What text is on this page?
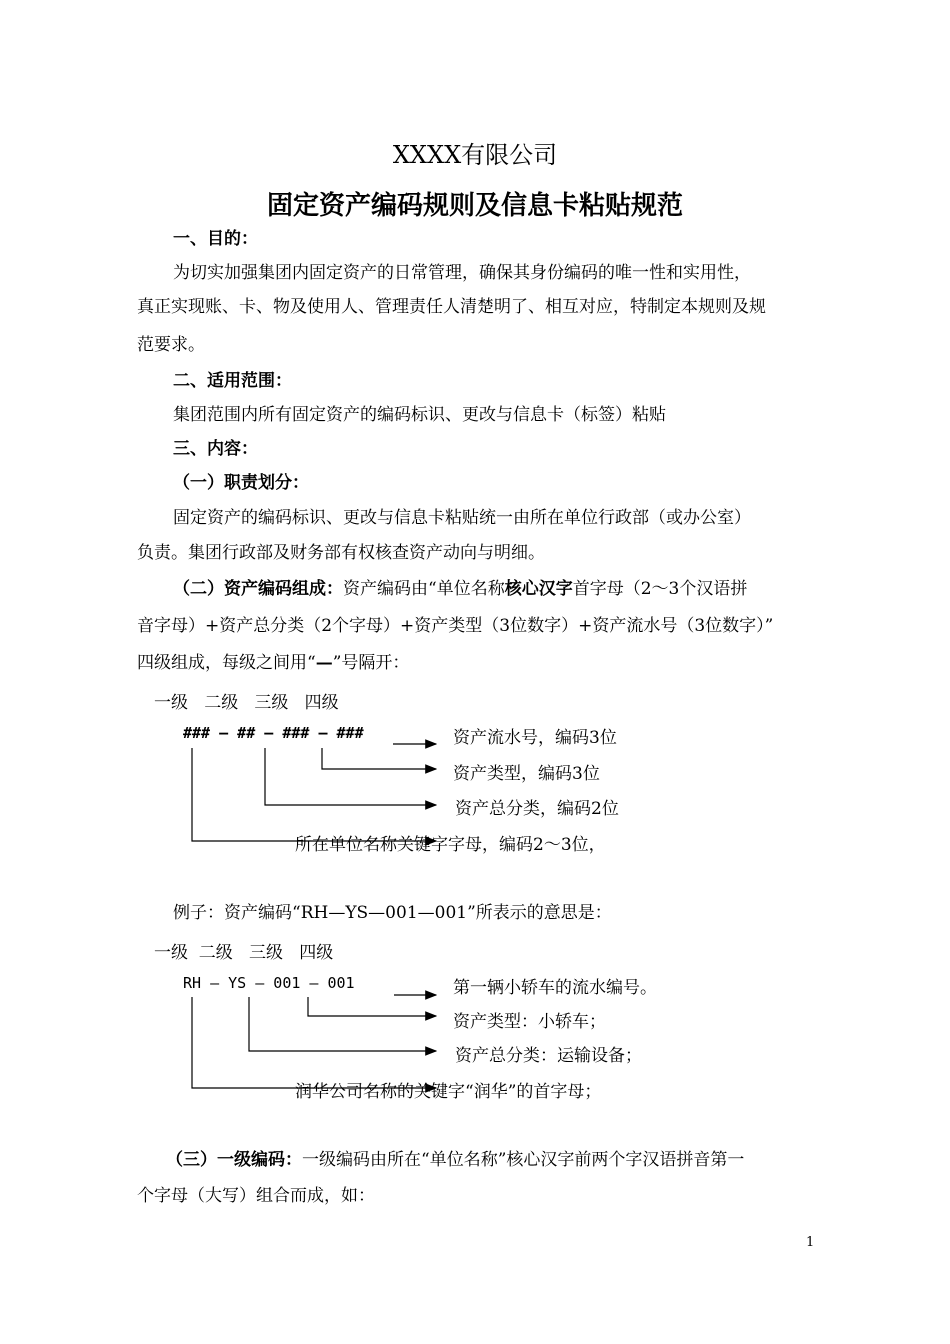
XXXX有限公司
固定资产编码规则及信息卡粘贴规范
一、目的：
为切实加强集团内固定资产的日常管理，确保其身份编码的唯一性和实用性，
真正实现账、卡、物及使用人、管理责任人清楚明了、相互对应，特制定本规则及规
范要求。
二、适用范围：
集团范围内所有固定资产的编码标识、更改与信息卡（标签）粘贴
三、内容：
（一）职责划分：
固定资产的编码标识、更改与信息卡粘贴统一由所在单位行政部（或办公室）
负责。集团行政部及财务部有权核查资产动向与明细。
（二）资产编码组成：资产编码由“单位名称核心汉字首字母（2～3个汉语拼
音字母）+资产总分类（2个字母）+资产类型（3位数字）+资产流水号（3位数字）”
四级组成，每级之间用“—”号隔开：
一级   二级   三级   四级
### — ## — ### — ###	资产流水号，编码3位
资产类型，编码3位
资产总分类，编码2位
所在单位名称关键字字母，编码2～3位，
例子：资产编码“RH—YS—001—001”所表示的意思是：
一级  二级   三级   四级
RH — YS — 001 — 001	第一辆小轿车的流水编号。
资产类型：小轿车；
资产总分类：运输设备；
润华公司名称的关键字“润华”的首字母；
（三）一级编码：一级编码由所在“单位名称”核心汉字前两个字汉语拼音第一
个字母（大写）组合而成，如：
1
